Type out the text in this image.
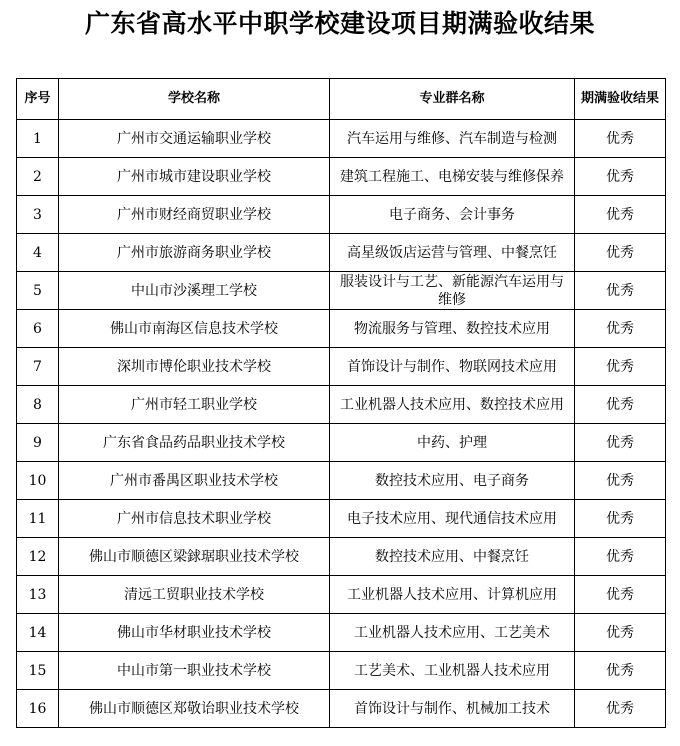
广东省高水平中职学校建设项目期满验收结果
序号	学校名称	专业群名称	期满验收结果
1	广州市交通运输职业学校	汽车运用与维修、汽车制造与检测	优秀
2	广州市城市建设职业学校	建筑工程施工、电梯安装与维修保养	优秀
3	广州市财经商贸职业学校	电子商务、会计事务	优秀
4	广州市旅游商务职业学校	高星级饭店运营与管理、中餐烹饪	优秀
5	中山市沙溪理工学校	服装设计与工艺、新能源汽车运用与维修	优秀
6	佛山市南海区信息技术学校	物流服务与管理、数控技术应用	优秀
7	深圳市博伦职业技术学校	首饰设计与制作、物联网技术应用	优秀
8	广州市轻工职业学校	工业机器人技术应用、数控技术应用	优秀
9	广东省食品药品职业技术学校	中药、护理	优秀
10	广州市番禺区职业技术学校	数控技术应用、电子商务	优秀
11	广州市信息技术职业学校	电子技术应用、现代通信技术应用	优秀
12	佛山市顺德区梁銶琚职业技术学校	数控技术应用、中餐烹饪	优秀
13	清远工贸职业技术学校	工业机器人技术应用、计算机应用	优秀
14	佛山市华材职业技术学校	工业机器人技术应用、工艺美术	优秀
15	中山市第一职业技术学校	工艺美术、工业机器人技术应用	优秀
16	佛山市顺德区郑敬诒职业技术学校	首饰设计与制作、机械加工技术	优秀
